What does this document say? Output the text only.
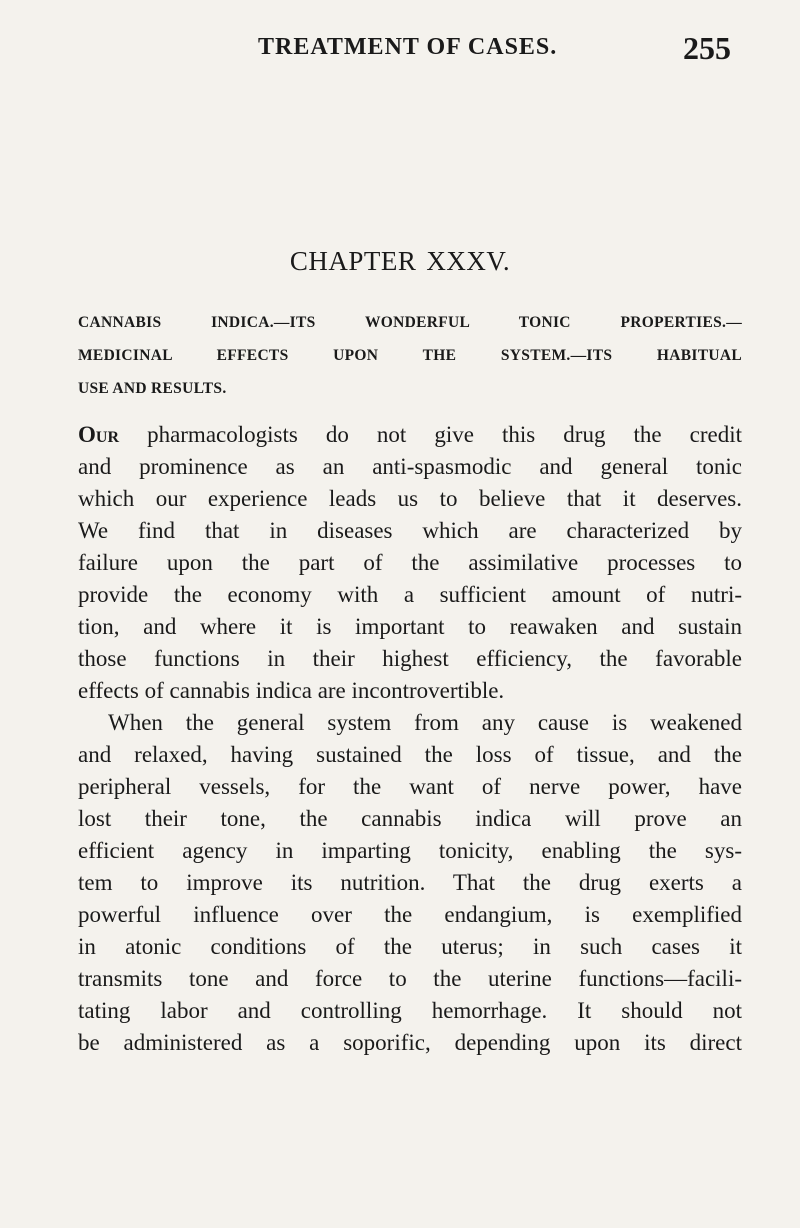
TREATMENT OF CASES.	255
CHAPTER XXXV.
CANNABIS INDICA.—ITS WONDERFUL TONIC PROPERTIES.—
MEDICINAL EFFECTS UPON THE SYSTEM.—ITS HABITUAL
USE AND RESULTS.
Our pharmacologists do not give this drug the credit
and prominence as an anti-spasmodic and general tonic
which our experience leads us to believe that it deserves.
We find that in diseases which are characterized by
failure upon the part of the assimilative processes to
provide the economy with a sufficient amount of nutri-
tion, and where it is important to reawaken and sustain
those functions in their highest efficiency, the favorable
effects of cannabis indica are incontrovertible.
When the general system from any cause is weakened
and relaxed, having sustained the loss of tissue, and the
peripheral vessels, for the want of nerve power, have
lost their tone, the cannabis indica will prove an
efficient agency in imparting tonicity, enabling the sys-
tem to improve its nutrition. That the drug exerts a
powerful influence over the endangium, is exemplified
in atonic conditions of the uterus; in such cases it
transmits tone and force to the uterine functions—facili-
tating labor and controlling hemorrhage. It should not
be administered as a soporific, depending upon its direct
